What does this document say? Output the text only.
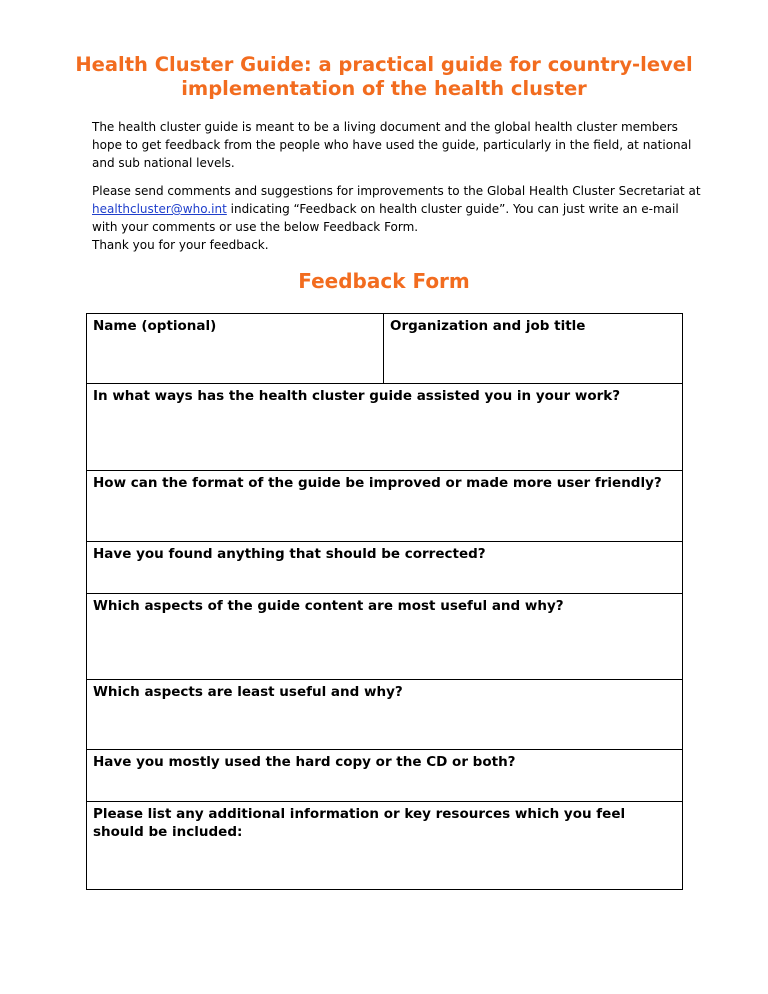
Health Cluster Guide: a practical guide for country-level implementation of the health cluster

The health cluster guide is meant to be a living document and the global health cluster members hope to get feedback from the people who have used the guide, particularly in the field, at national and sub national levels.

Please send comments and suggestions for improvements to the Global Health Cluster Secretariat at healthcluster@who.int indicating “Feedback on health cluster guide”. You can just write an e-mail with your comments or use the below Feedback Form.
Thank you for your feedback.

Feedback Form
Name (optional)	Organization and job title
In what ways has the health cluster guide assisted you in your work?
How can the format of the guide be improved or made more user friendly?
Have you found anything that should be corrected?
Which aspects of the guide content are most useful and why?
Which aspects are least useful and why?
Have you mostly used the hard copy or the CD or both?
Please list any additional information or key resources which you feel should be included:
